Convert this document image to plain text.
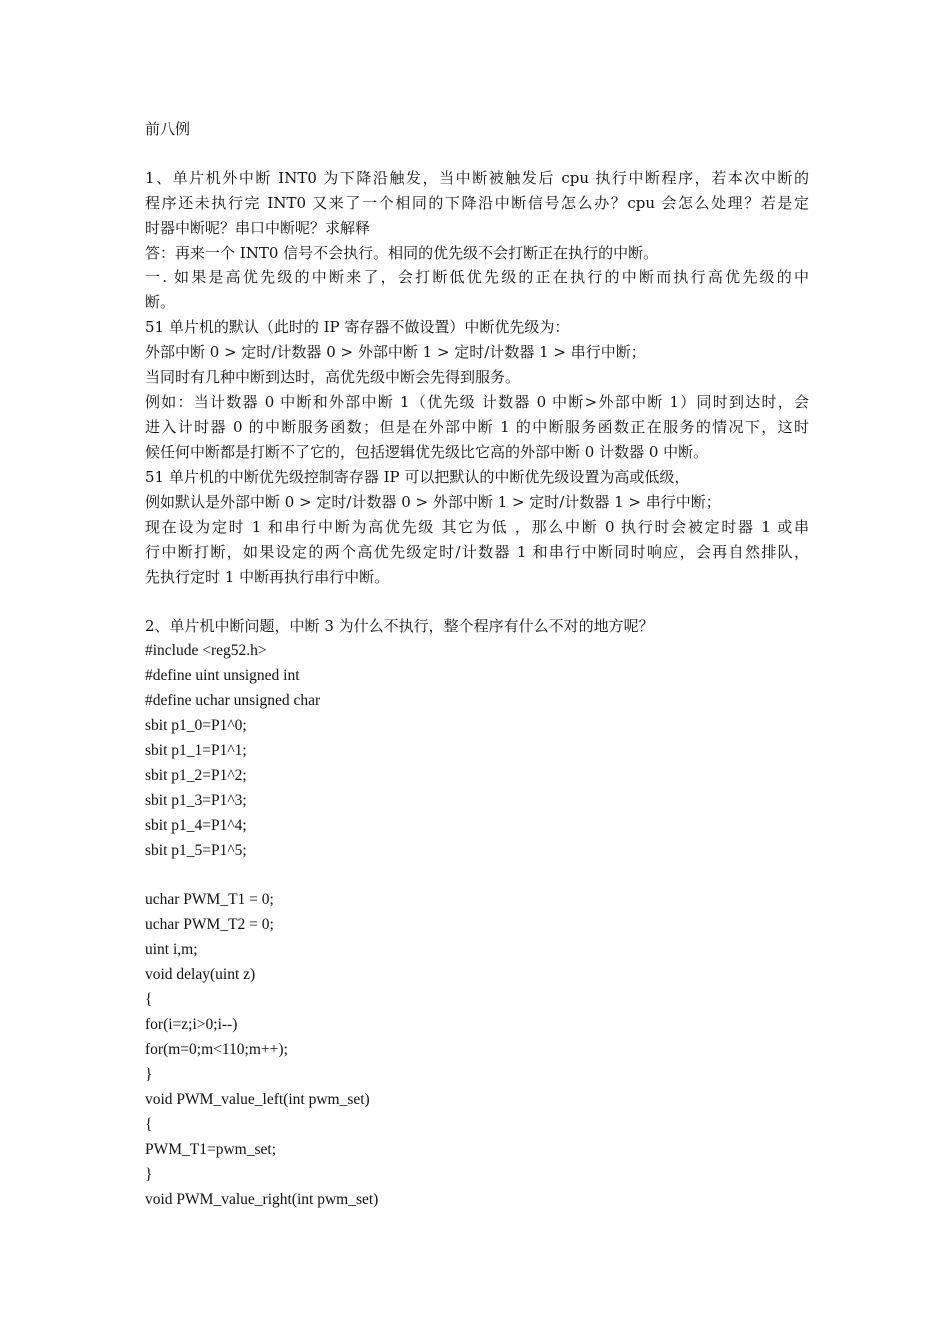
前八例
1、单片机外中断 INT0 为下降沿触发，当中断被触发后 cpu 执行中断程序，若本次中断的
程序还未执行完 INT0 又来了一个相同的下降沿中断信号怎么办？cpu 会怎么处理？若是定
时器中断呢？串口中断呢？求解释
答：再来一个 INT0 信号不会执行。相同的优先级不会打断正在执行的中断。
一. 如果是高优先级的中断来了，会打断低优先级的正在执行的中断而执行高优先级的中
断。
51 单片机的默认（此时的 IP 寄存器不做设置）中断优先级为：
外部中断 0 > 定时/计数器 0 > 外部中断 1 > 定时/计数器 1 > 串行中断；
当同时有几种中断到达时，高优先级中断会先得到服务。
例如：当计数器 0 中断和外部中断 1（优先级 计数器 0 中断>外部中断 1）同时到达时，会
进入计时器 0 的中断服务函数；但是在外部中断 1 的中断服务函数正在服务的情况下，这时
候任何中断都是打断不了它的，包括逻辑优先级比它高的外部中断 0 计数器 0 中断。
51 单片机的中断优先级控制寄存器 IP 可以把默认的中断优先级设置为高或低级，
例如默认是外部中断 0 > 定时/计数器 0 > 外部中断 1 > 定时/计数器 1 > 串行中断；
现在设为定时 1 和串行中断为高优先级 其它为低 ，那么中断 0 执行时会被定时器 1 或串
行中断打断，如果设定的两个高优先级定时/计数器 1 和串行中断同时响应，会再自然排队，
先执行定时 1 中断再执行串行中断。
2、单片机中断问题，中断 3 为什么不执行，整个程序有什么不对的地方呢？
#include <reg52.h>
#define uint unsigned int
#define uchar unsigned char
sbit p1_0=P1^0;
sbit p1_1=P1^1;
sbit p1_2=P1^2;
sbit p1_3=P1^3;
sbit p1_4=P1^4;
sbit p1_5=P1^5;
uchar PWM_T1 = 0;
uchar PWM_T2 = 0;
uint i,m;
void delay(uint z)
{
for(i=z;i>0;i--)
for(m=0;m<110;m++);
}
void PWM_value_left(int pwm_set)
{
PWM_T1=pwm_set;
}
void PWM_value_right(int pwm_set)
